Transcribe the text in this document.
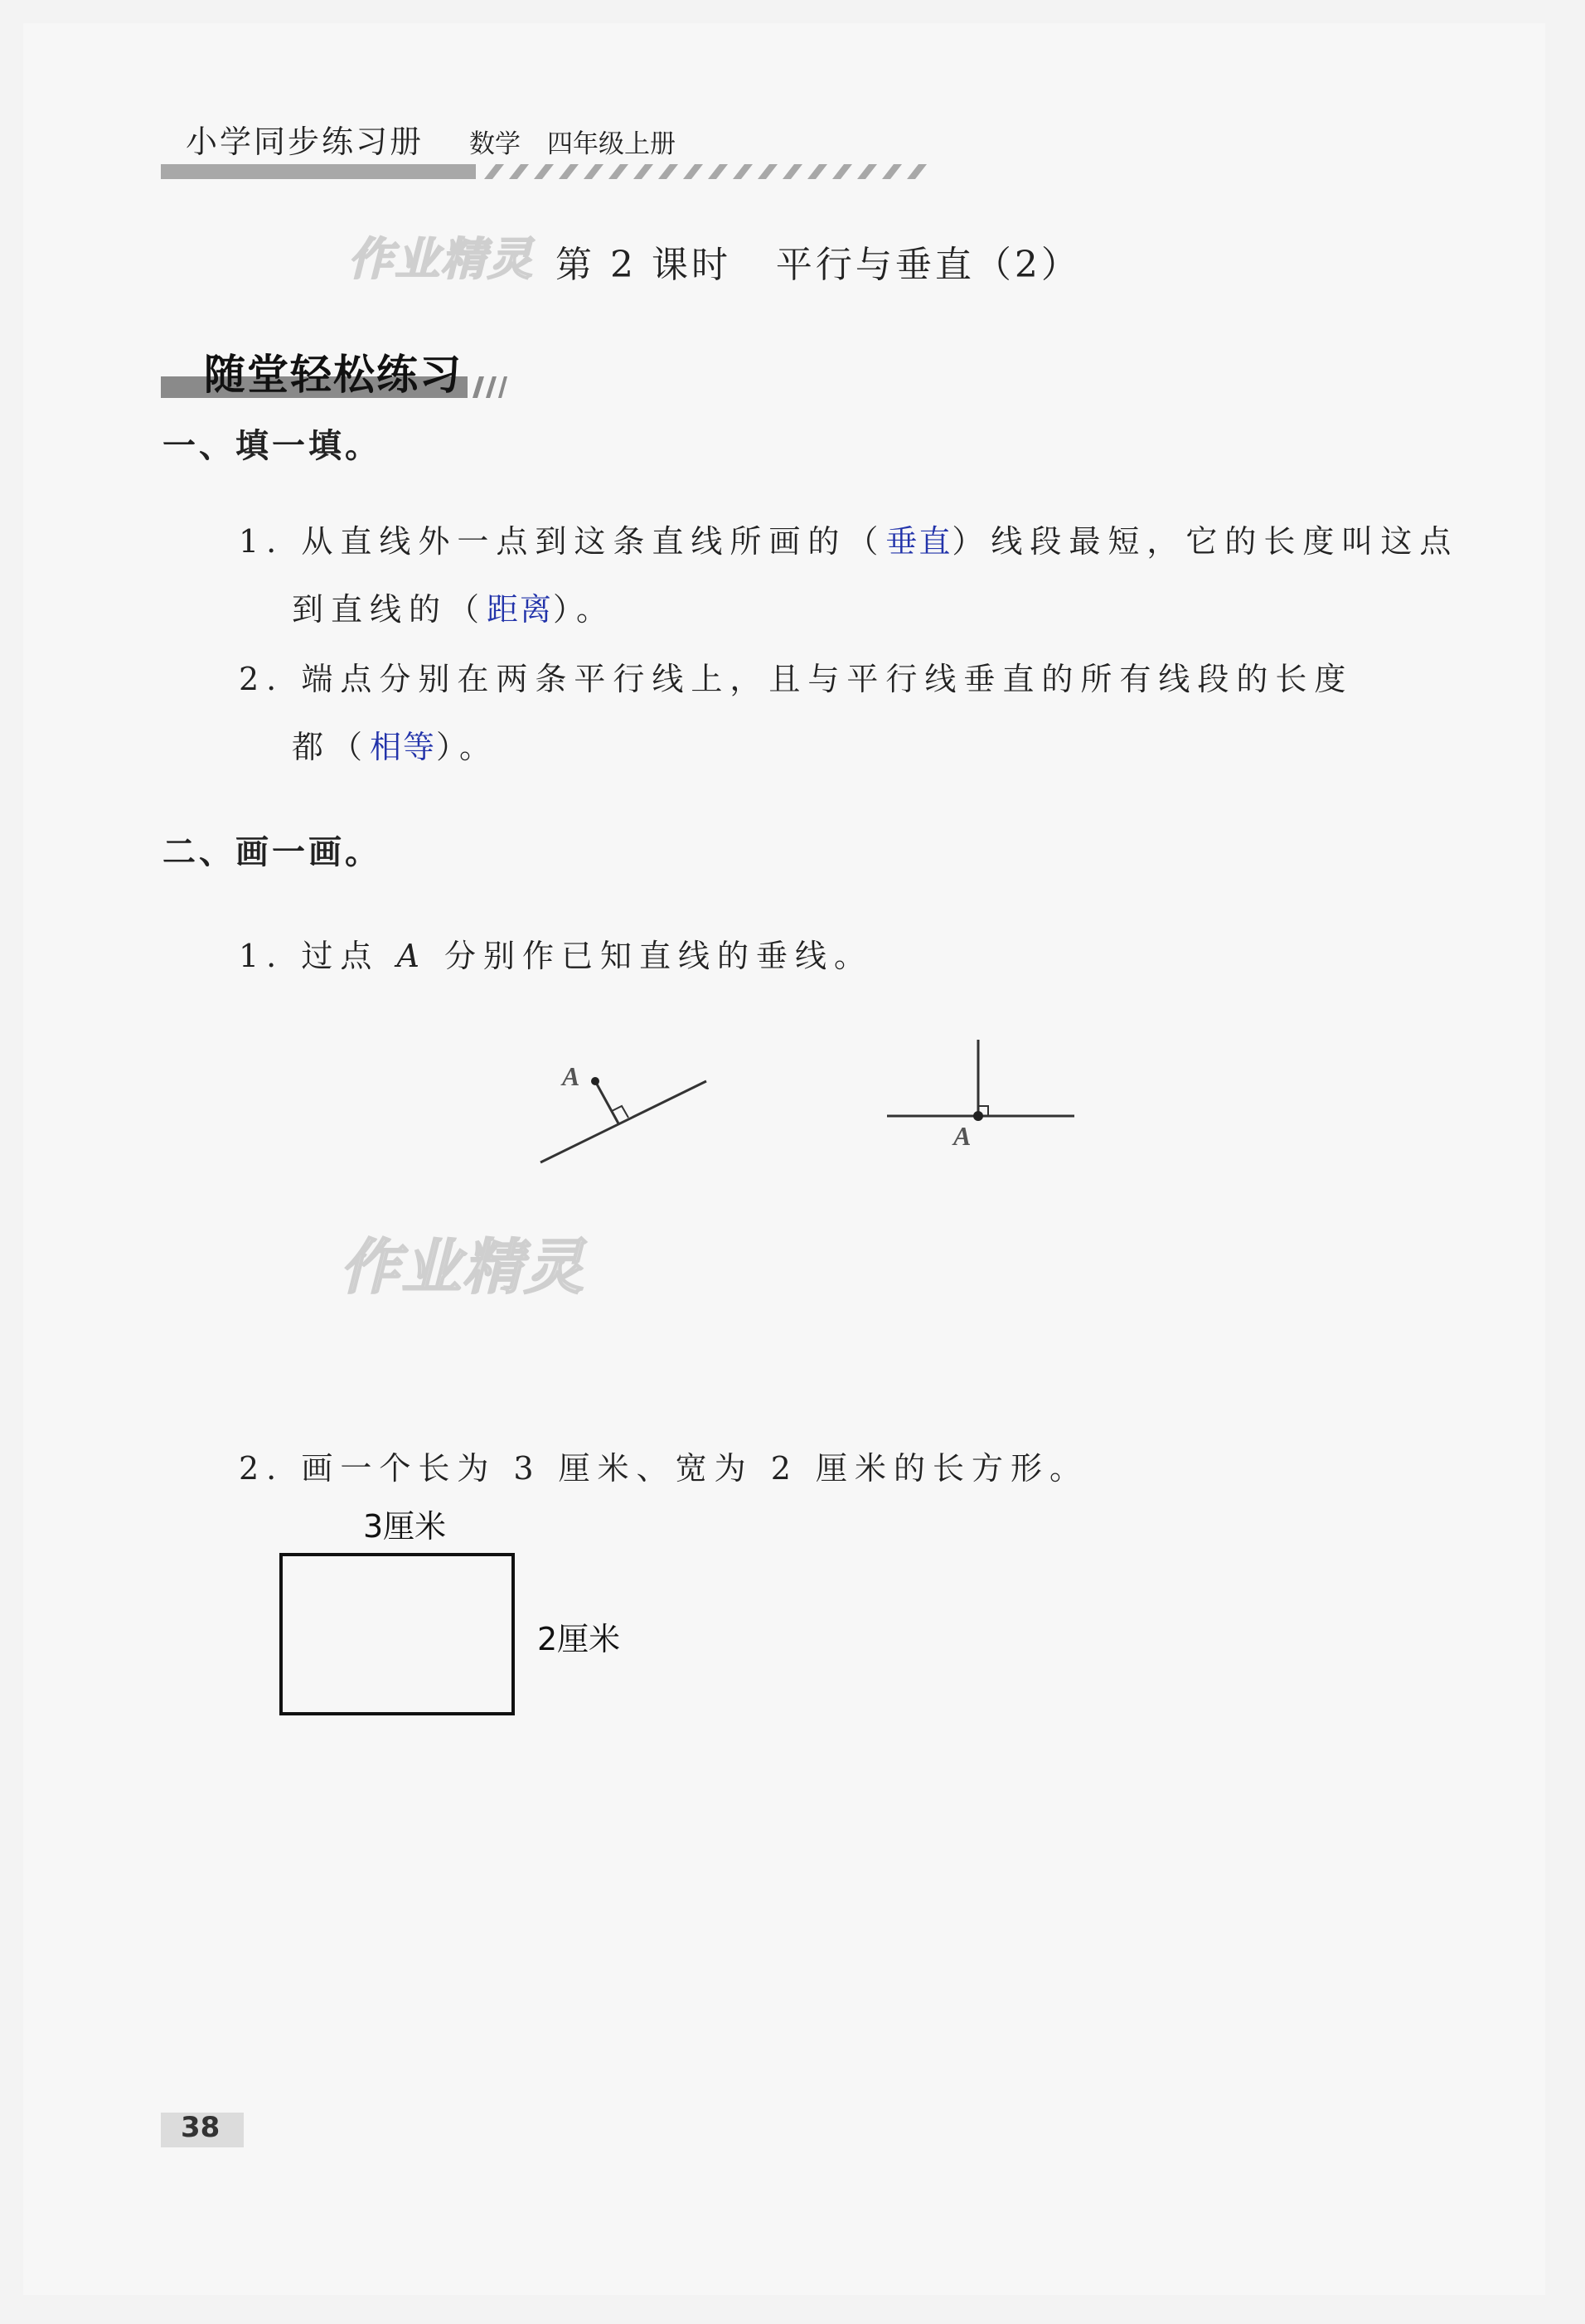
小学同步练习册 数学 四年级上册
作业精灵 第 2 课时   平行与垂直（2）
随堂轻松练习
一、填一填。
1. 从直线外一点到这条直线所画的（垂直）线段最短，它的长度叫这点
到直线的（距离）。
2. 端点分别在两条平行线上，且与平行线垂直的所有线段的长度
都（相等）。
二、画一画。
1. 过点 A 分别作已知直线的垂线。
A
A
作业精灵
2. 画一个长为 3 厘米、宽为 2 厘米的长方形。
3厘米
2厘米
38
